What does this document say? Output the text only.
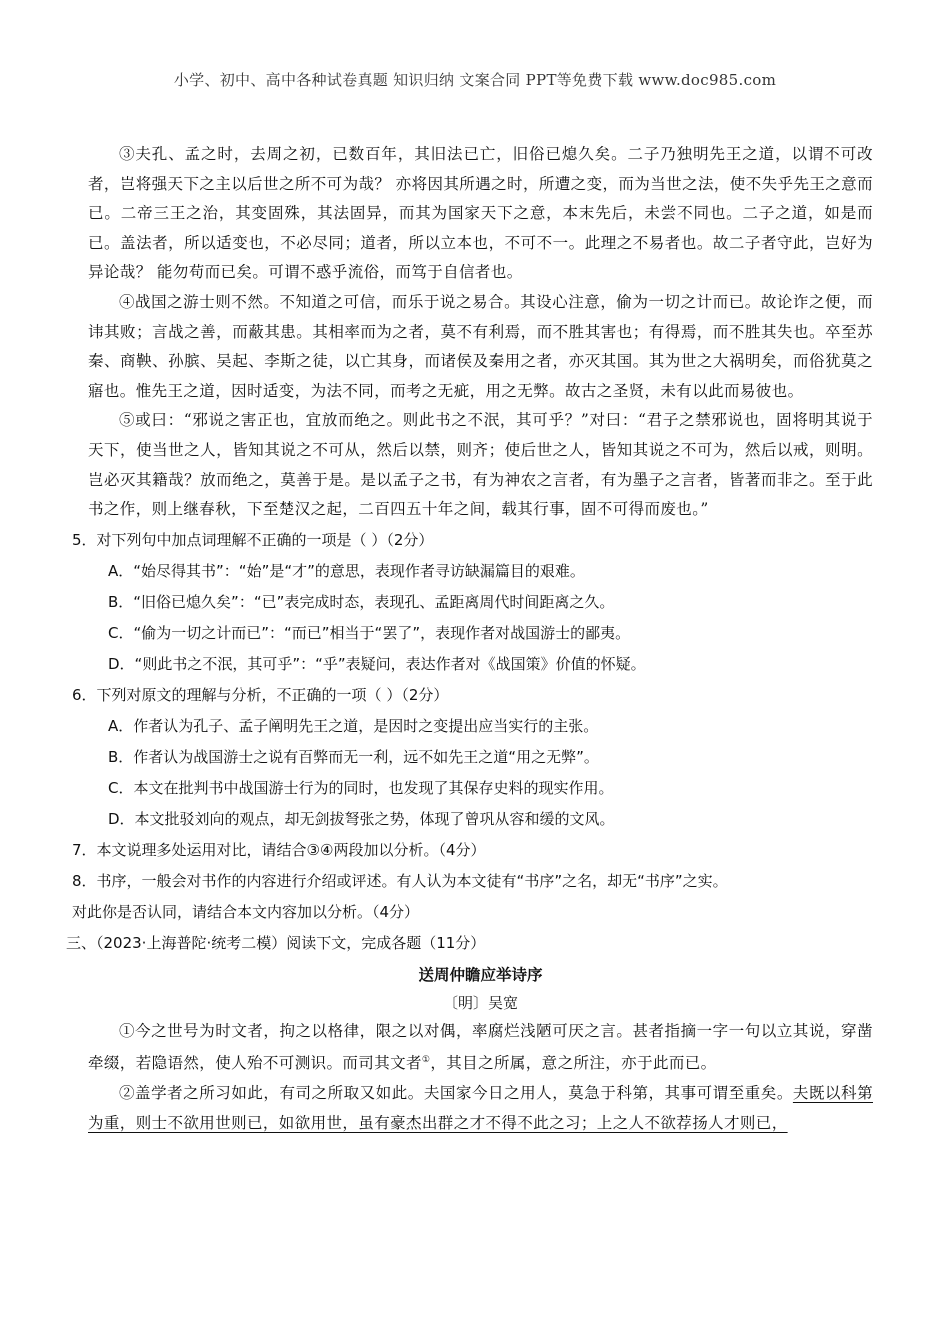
小学、初中、高中各种试卷真题 知识归纳 文案合同 PPT等免费下载 www.doc985.com

③夫孔、孟之时，去周之初，已数百年，其旧法已亡，旧俗已熄久矣。二子乃独明先王之道，以谓不可改者，岂将强天下之主以后世之所不可为哉？ 亦将因其所遇之时，所遭之变，而为当世之法，使不失乎先王之意而已。二帝三王之治，其变固殊，其法固异，而其为国家天下之意，本末先后，未尝不同也。二子之道，如是而已。盖法者，所以适变也，不必尽同；道者，所以立本也，不可不一。此理之不易者也。故二子者守此，岂好为异论哉？ 能勿苟而已矣。可谓不惑乎流俗，而笃于自信者也。

④战国之游士则不然。不知道之可信，而乐于说之易合。其设心注意，偷为一切之计而已。故论诈之便，而讳其败；言战之善，而蔽其患。其相率而为之者，莫不有利焉，而不胜其害也；有得焉，而不胜其失也。卒至苏秦、商鞅、孙膑、吴起、李斯之徒，以亡其身，而诸侯及秦用之者，亦灭其国。其为世之大祸明矣，而俗犹莫之寤也。惟先王之道，因时适变，为法不同，而考之无疵，用之无弊。故古之圣贤，未有以此而易彼也。

⑤或曰：“邪说之害正也，宜放而绝之。则此书之不泯，其可乎？”对曰：“君子之禁邪说也，固将明其说于天下，使当世之人，皆知其说之不可从，然后以禁，则齐；使后世之人，皆知其说之不可为，然后以戒，则明。岂必灭其籍哉？放而绝之，莫善于是。是以孟子之书，有为神农之言者，有为墨子之言者，皆著而非之。至于此书之作，则上继春秋，下至楚汉之起，二百四五十年之间，载其行事，固不可得而废也。”

5．对下列句中加点词理解不正确的一项是（ ）（2分）

A．“始尽得其书”：“始”是“才”的意思，表现作者寻访缺漏篇目的艰难。

B．“旧俗已熄久矣”：“已”表完成时态，表现孔、孟距离周代时间距离之久。

C．“偷为一切之计而已”：“而已”相当于“罢了”，表现作者对战国游士的鄙夷。

D．“则此书之不泯，其可乎”：“乎”表疑问，表达作者对《战国策》价值的怀疑。

6．下列对原文的理解与分析，不正确的一项（ ）（2分）

A．作者认为孔子、孟子阐明先王之道，是因时之变提出应当实行的主张。

B．作者认为战国游士之说有百弊而无一利，远不如先王之道“用之无弊”。

C．本文在批判书中战国游士行为的同时，也发现了其保存史料的现实作用。

D．本文批驳刘向的观点，却无剑拔弩张之势，体现了曾巩从容和缓的文风。

7．本文说理多处运用对比，请结合③④两段加以分析。（4分）

8．书序，一般会对书作的内容进行介绍或评述。有人认为本文徒有“书序”之名，却无“书序”之实。

对此你是否认同，请结合本文内容加以分析。（4分）

三、（2023·上海普陀·统考二模）阅读下文，完成各题（11分）

送周仲瞻应举诗序
〔明〕吴宽

①今之世号为时文者，拘之以格律，限之以对偶，率腐烂浅陋可厌之言。甚者指摘一字一句以立其说，穿凿牵缀，若隐语然，使人殆不可测识。而司其文者①，其目之所属，意之所注，亦于此而已。

②盖学者之所习如此，有司之所取又如此。夫国家今日之用人，莫急于科第，其事可谓至重矣。夫既以科第为重，则士不欲用世则已，如欲用世，虽有豪杰出群之才不得不此之习；上之人不欲荐扬人才则已，
